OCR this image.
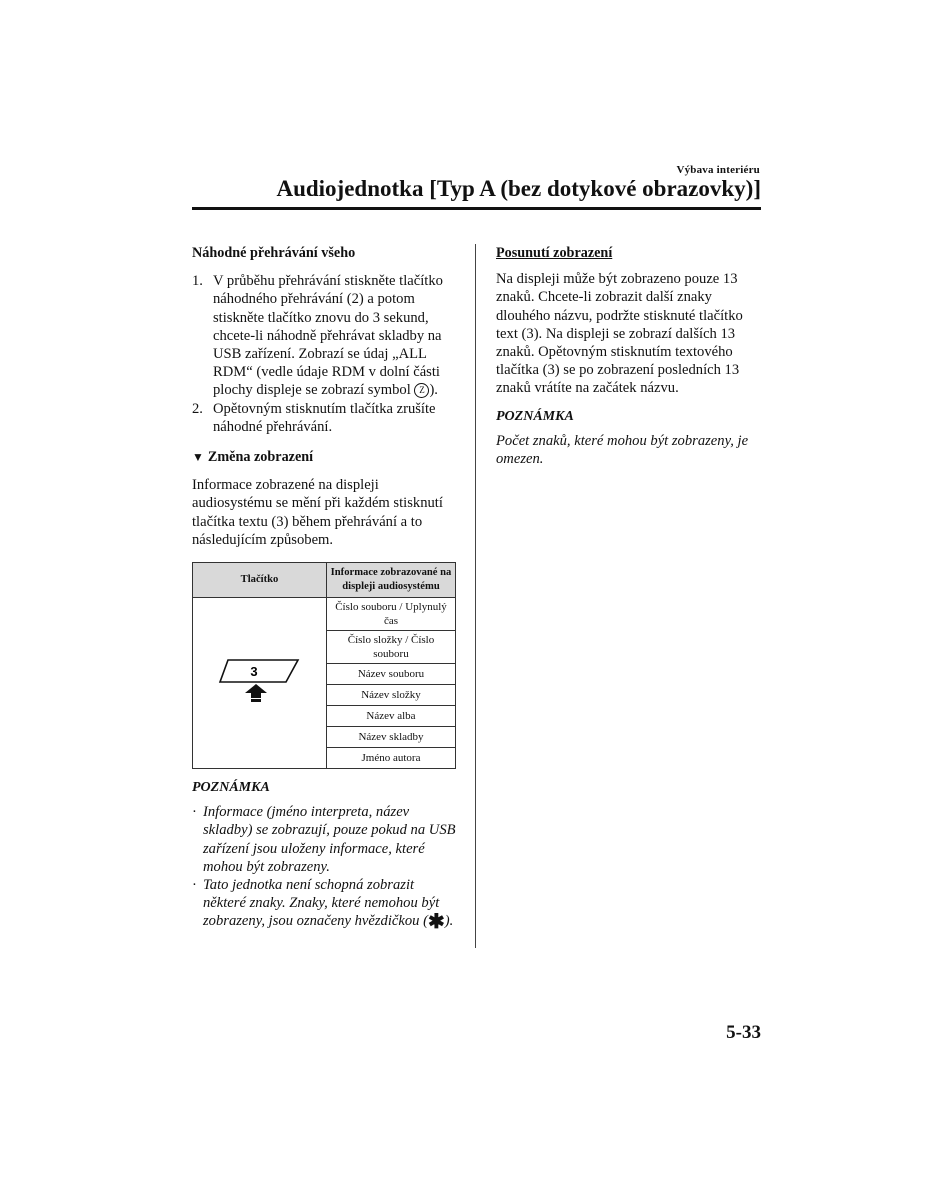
Výbava interiéru
Audiojednotka [Typ A (bez dotykové obrazovky)]
Náhodné přehrávání všeho
1. V průběhu přehrávání stiskněte tlačítko náhodného přehrávání (2) a potom stiskněte tlačítko znovu do 3 sekund, chcete-li náhodně přehrávat skladby na USB zařízení. Zobrazí se údaj „ALL RDM“ (vedle údaje RDM v dolní části plochy displeje se zobrazí symbol Z ).
2. Opětovným stisknutím tlačítka zrušíte náhodné přehrávání.
▼ Změna zobrazení

Informace zobrazené na displeji audiosystému se mění při každém stisknutí tlačítka textu (3) během přehrávání a to následujícím způsobem.

Tlačítko	Informace zobrazované na displeji audiosystému

3	Číslo souboru / Uplynulý čas
	Číslo složky / Číslo souboru
	Název souboru
	Název složky
	Název alba
	Název skladby
	Jméno autora
POZNÁMKA
· Informace (jméno interpreta, název skladby) se zobrazují, pouze pokud na USB zařízení jsou uloženy informace, které mohou být zobrazeny.
· Tato jednotka není schopná zobrazit některé znaky. Znaky, které nemohou být zobrazeny, jsou označeny hvězdičkou (✱).
Posunutí zobrazení

Na displeji může být zobrazeno pouze 13 znaků. Chcete-li zobrazit další znaky dlouhého názvu, podržte stisknuté tlačítko text (3). Na displeji se zobrazí dalších 13 znaků. Opětovným stisknutím textového tlačítka (3) se po zobrazení posledních 13 znaků vrátíte na začátek názvu.

POZNÁMKA

Počet znaků, které mohou být zobrazeny, je omezen.

5-33
